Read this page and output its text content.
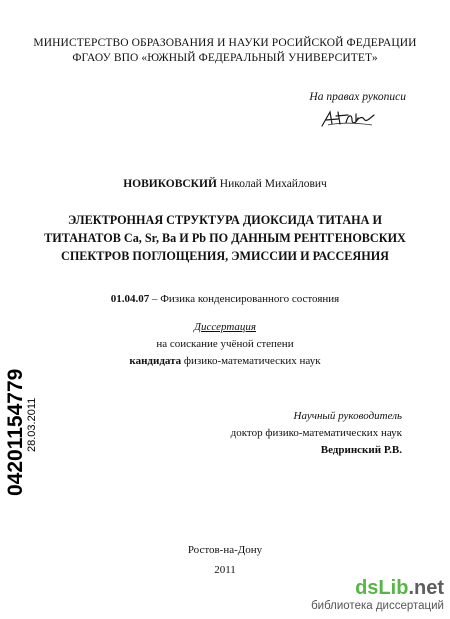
МИНИСТЕРСТВО ОБРАЗОВАНИЯ И НАУКИ РОСИЙСКОЙ ФЕДЕРАЦИИ
ФГАОУ ВПО «ЮЖНЫЙ ФЕДЕРАЛЬНЫЙ УНИВЕРСИТЕТ»
На правах рукописи
НОВИКОВСКИЙ Николай Михайлович
ЭЛЕКТРОННАЯ СТРУКТУРА ДИОКСИДА ТИТАНА И
ТИТАНАТОВ Ca, Sr, Ba И Pb ПО ДАННЫМ РЕНТГЕНОВСКИХ
СПЕКТРОВ ПОГЛОЩЕНИЯ, ЭМИССИИ И РАССЕЯНИЯ
01.04.07 – Физика конденсированного состояния
Диссертация
на соискание учёной степени
кандидата физико-математических наук
Научный руководитель
доктор физико-математических наук
Ведринский Р.В.
Ростов-на-Дону
2011
04201154779 28.03.2011
dsLib.net
библиотека диссертаций
